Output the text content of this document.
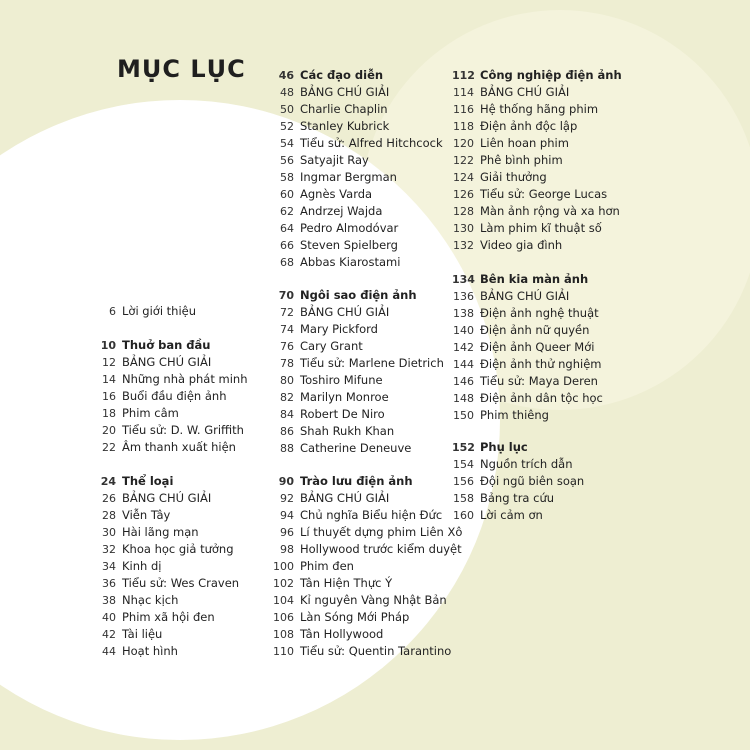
MỤC LỤC
6 Lời giới thiệu
10 Thuở ban đầu
12 BẢNG CHÚ GIẢI
14 Những nhà phát minh
16 Buổi đầu điện ảnh
18 Phim câm
20 Tiểu sử: D. W. Griffith
22 Âm thanh xuất hiện
24 Thể loại
26 BẢNG CHÚ GIẢI
28 Viễn Tây
30 Hài lãng mạn
32 Khoa học giả tưởng
34 Kinh dị
36 Tiểu sử: Wes Craven
38 Nhạc kịch
40 Phim xã hội đen
42 Tài liệu
44 Hoạt hình
46 Các đạo diễn
48 BẢNG CHÚ GIẢI
50 Charlie Chaplin
52 Stanley Kubrick
54 Tiểu sử: Alfred Hitchcock
56 Satyajit Ray
58 Ingmar Bergman
60 Agnès Varda
62 Andrzej Wajda
64 Pedro Almodóvar
66 Steven Spielberg
68 Abbas Kiarostami
70 Ngôi sao điện ảnh
72 BẢNG CHÚ GIẢI
74 Mary Pickford
76 Cary Grant
78 Tiểu sử: Marlene Dietrich
80 Toshiro Mifune
82 Marilyn Monroe
84 Robert De Niro
86 Shah Rukh Khan
88 Catherine Deneuve
90 Trào lưu điện ảnh
92 BẢNG CHÚ GIẢI
94 Chủ nghĩa Biểu hiện Đức
96 Lí thuyết dựng phim Liên Xô
98 Hollywood trước kiểm duyệt
100 Phim đen
102 Tân Hiện Thực Ý
104 Kỉ nguyên Vàng Nhật Bản
106 Làn Sóng Mới Pháp
108 Tân Hollywood
110 Tiểu sử: Quentin Tarantino
112 Công nghiệp điện ảnh
114 BẢNG CHÚ GIẢI
116 Hệ thống hãng phim
118 Điện ảnh độc lập
120 Liên hoan phim
122 Phê bình phim
124 Giải thưởng
126 Tiểu sử: George Lucas
128 Màn ảnh rộng và xa hơn
130 Làm phim kĩ thuật số
132 Video gia đình
134 Bên kia màn ảnh
136 BẢNG CHÚ GIẢI
138 Điện ảnh nghệ thuật
140 Điện ảnh nữ quyền
142 Điện ảnh Queer Mới
144 Điện ảnh thử nghiệm
146 Tiểu sử: Maya Deren
148 Điện ảnh dân tộc học
150 Phim thiêng
152 Phụ lục
154 Nguồn trích dẫn
156 Đội ngũ biên soạn
158 Bảng tra cứu
160 Lời cảm ơn
